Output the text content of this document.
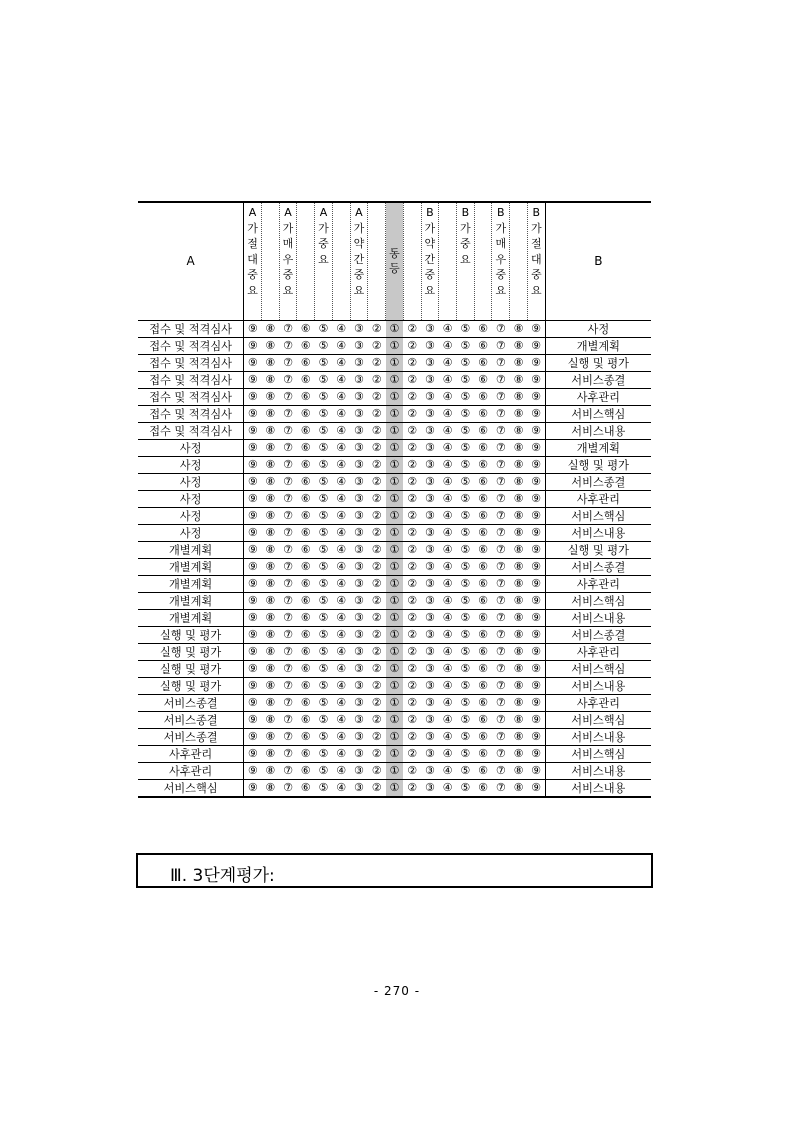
A	A가절대중요		A가매우중요		A가중요		A가약간중요		동등		B가약간중요		B가중요		B가매우중요		B가절대중요	B
접수 및 적격심사	⑨	⑧	⑦	⑥	⑤	④	③	②	①	②	③	④	⑤	⑥	⑦	⑧	⑨	사정
접수 및 적격심사	⑨	⑧	⑦	⑥	⑤	④	③	②	①	②	③	④	⑤	⑥	⑦	⑧	⑨	개별계획
접수 및 적격심사	⑨	⑧	⑦	⑥	⑤	④	③	②	①	②	③	④	⑤	⑥	⑦	⑧	⑨	실행 및 평가
접수 및 적격심사	⑨	⑧	⑦	⑥	⑤	④	③	②	①	②	③	④	⑤	⑥	⑦	⑧	⑨	서비스종결
접수 및 적격심사	⑨	⑧	⑦	⑥	⑤	④	③	②	①	②	③	④	⑤	⑥	⑦	⑧	⑨	사후관리
접수 및 적격심사	⑨	⑧	⑦	⑥	⑤	④	③	②	①	②	③	④	⑤	⑥	⑦	⑧	⑨	서비스핵심
접수 및 적격심사	⑨	⑧	⑦	⑥	⑤	④	③	②	①	②	③	④	⑤	⑥	⑦	⑧	⑨	서비스내용
사정	⑨	⑧	⑦	⑥	⑤	④	③	②	①	②	③	④	⑤	⑥	⑦	⑧	⑨	개별계획
사정	⑨	⑧	⑦	⑥	⑤	④	③	②	①	②	③	④	⑤	⑥	⑦	⑧	⑨	실행 및 평가
사정	⑨	⑧	⑦	⑥	⑤	④	③	②	①	②	③	④	⑤	⑥	⑦	⑧	⑨	서비스종결
사정	⑨	⑧	⑦	⑥	⑤	④	③	②	①	②	③	④	⑤	⑥	⑦	⑧	⑨	사후관리
사정	⑨	⑧	⑦	⑥	⑤	④	③	②	①	②	③	④	⑤	⑥	⑦	⑧	⑨	서비스핵심
사정	⑨	⑧	⑦	⑥	⑤	④	③	②	①	②	③	④	⑤	⑥	⑦	⑧	⑨	서비스내용
개별계획	⑨	⑧	⑦	⑥	⑤	④	③	②	①	②	③	④	⑤	⑥	⑦	⑧	⑨	실행 및 평가
개별계획	⑨	⑧	⑦	⑥	⑤	④	③	②	①	②	③	④	⑤	⑥	⑦	⑧	⑨	서비스종결
개별계획	⑨	⑧	⑦	⑥	⑤	④	③	②	①	②	③	④	⑤	⑥	⑦	⑧	⑨	사후관리
개별계획	⑨	⑧	⑦	⑥	⑤	④	③	②	①	②	③	④	⑤	⑥	⑦	⑧	⑨	서비스핵심
개별계획	⑨	⑧	⑦	⑥	⑤	④	③	②	①	②	③	④	⑤	⑥	⑦	⑧	⑨	서비스내용
실행 및 평가	⑨	⑧	⑦	⑥	⑤	④	③	②	①	②	③	④	⑤	⑥	⑦	⑧	⑨	서비스종결
실행 및 평가	⑨	⑧	⑦	⑥	⑤	④	③	②	①	②	③	④	⑤	⑥	⑦	⑧	⑨	사후관리
실행 및 평가	⑨	⑧	⑦	⑥	⑤	④	③	②	①	②	③	④	⑤	⑥	⑦	⑧	⑨	서비스핵심
실행 및 평가	⑨	⑧	⑦	⑥	⑤	④	③	②	①	②	③	④	⑤	⑥	⑦	⑧	⑨	서비스내용
서비스종결	⑨	⑧	⑦	⑥	⑤	④	③	②	①	②	③	④	⑤	⑥	⑦	⑧	⑨	사후관리
서비스종결	⑨	⑧	⑦	⑥	⑤	④	③	②	①	②	③	④	⑤	⑥	⑦	⑧	⑨	서비스핵심
서비스종결	⑨	⑧	⑦	⑥	⑤	④	③	②	①	②	③	④	⑤	⑥	⑦	⑧	⑨	서비스내용
사후관리	⑨	⑧	⑦	⑥	⑤	④	③	②	①	②	③	④	⑤	⑥	⑦	⑧	⑨	서비스핵심
사후관리	⑨	⑧	⑦	⑥	⑤	④	③	②	①	②	③	④	⑤	⑥	⑦	⑧	⑨	서비스내용
서비스핵심	⑨	⑧	⑦	⑥	⑤	④	③	②	①	②	③	④	⑤	⑥	⑦	⑧	⑨	서비스내용
Ⅲ. 3단계평가:
- 270 -
